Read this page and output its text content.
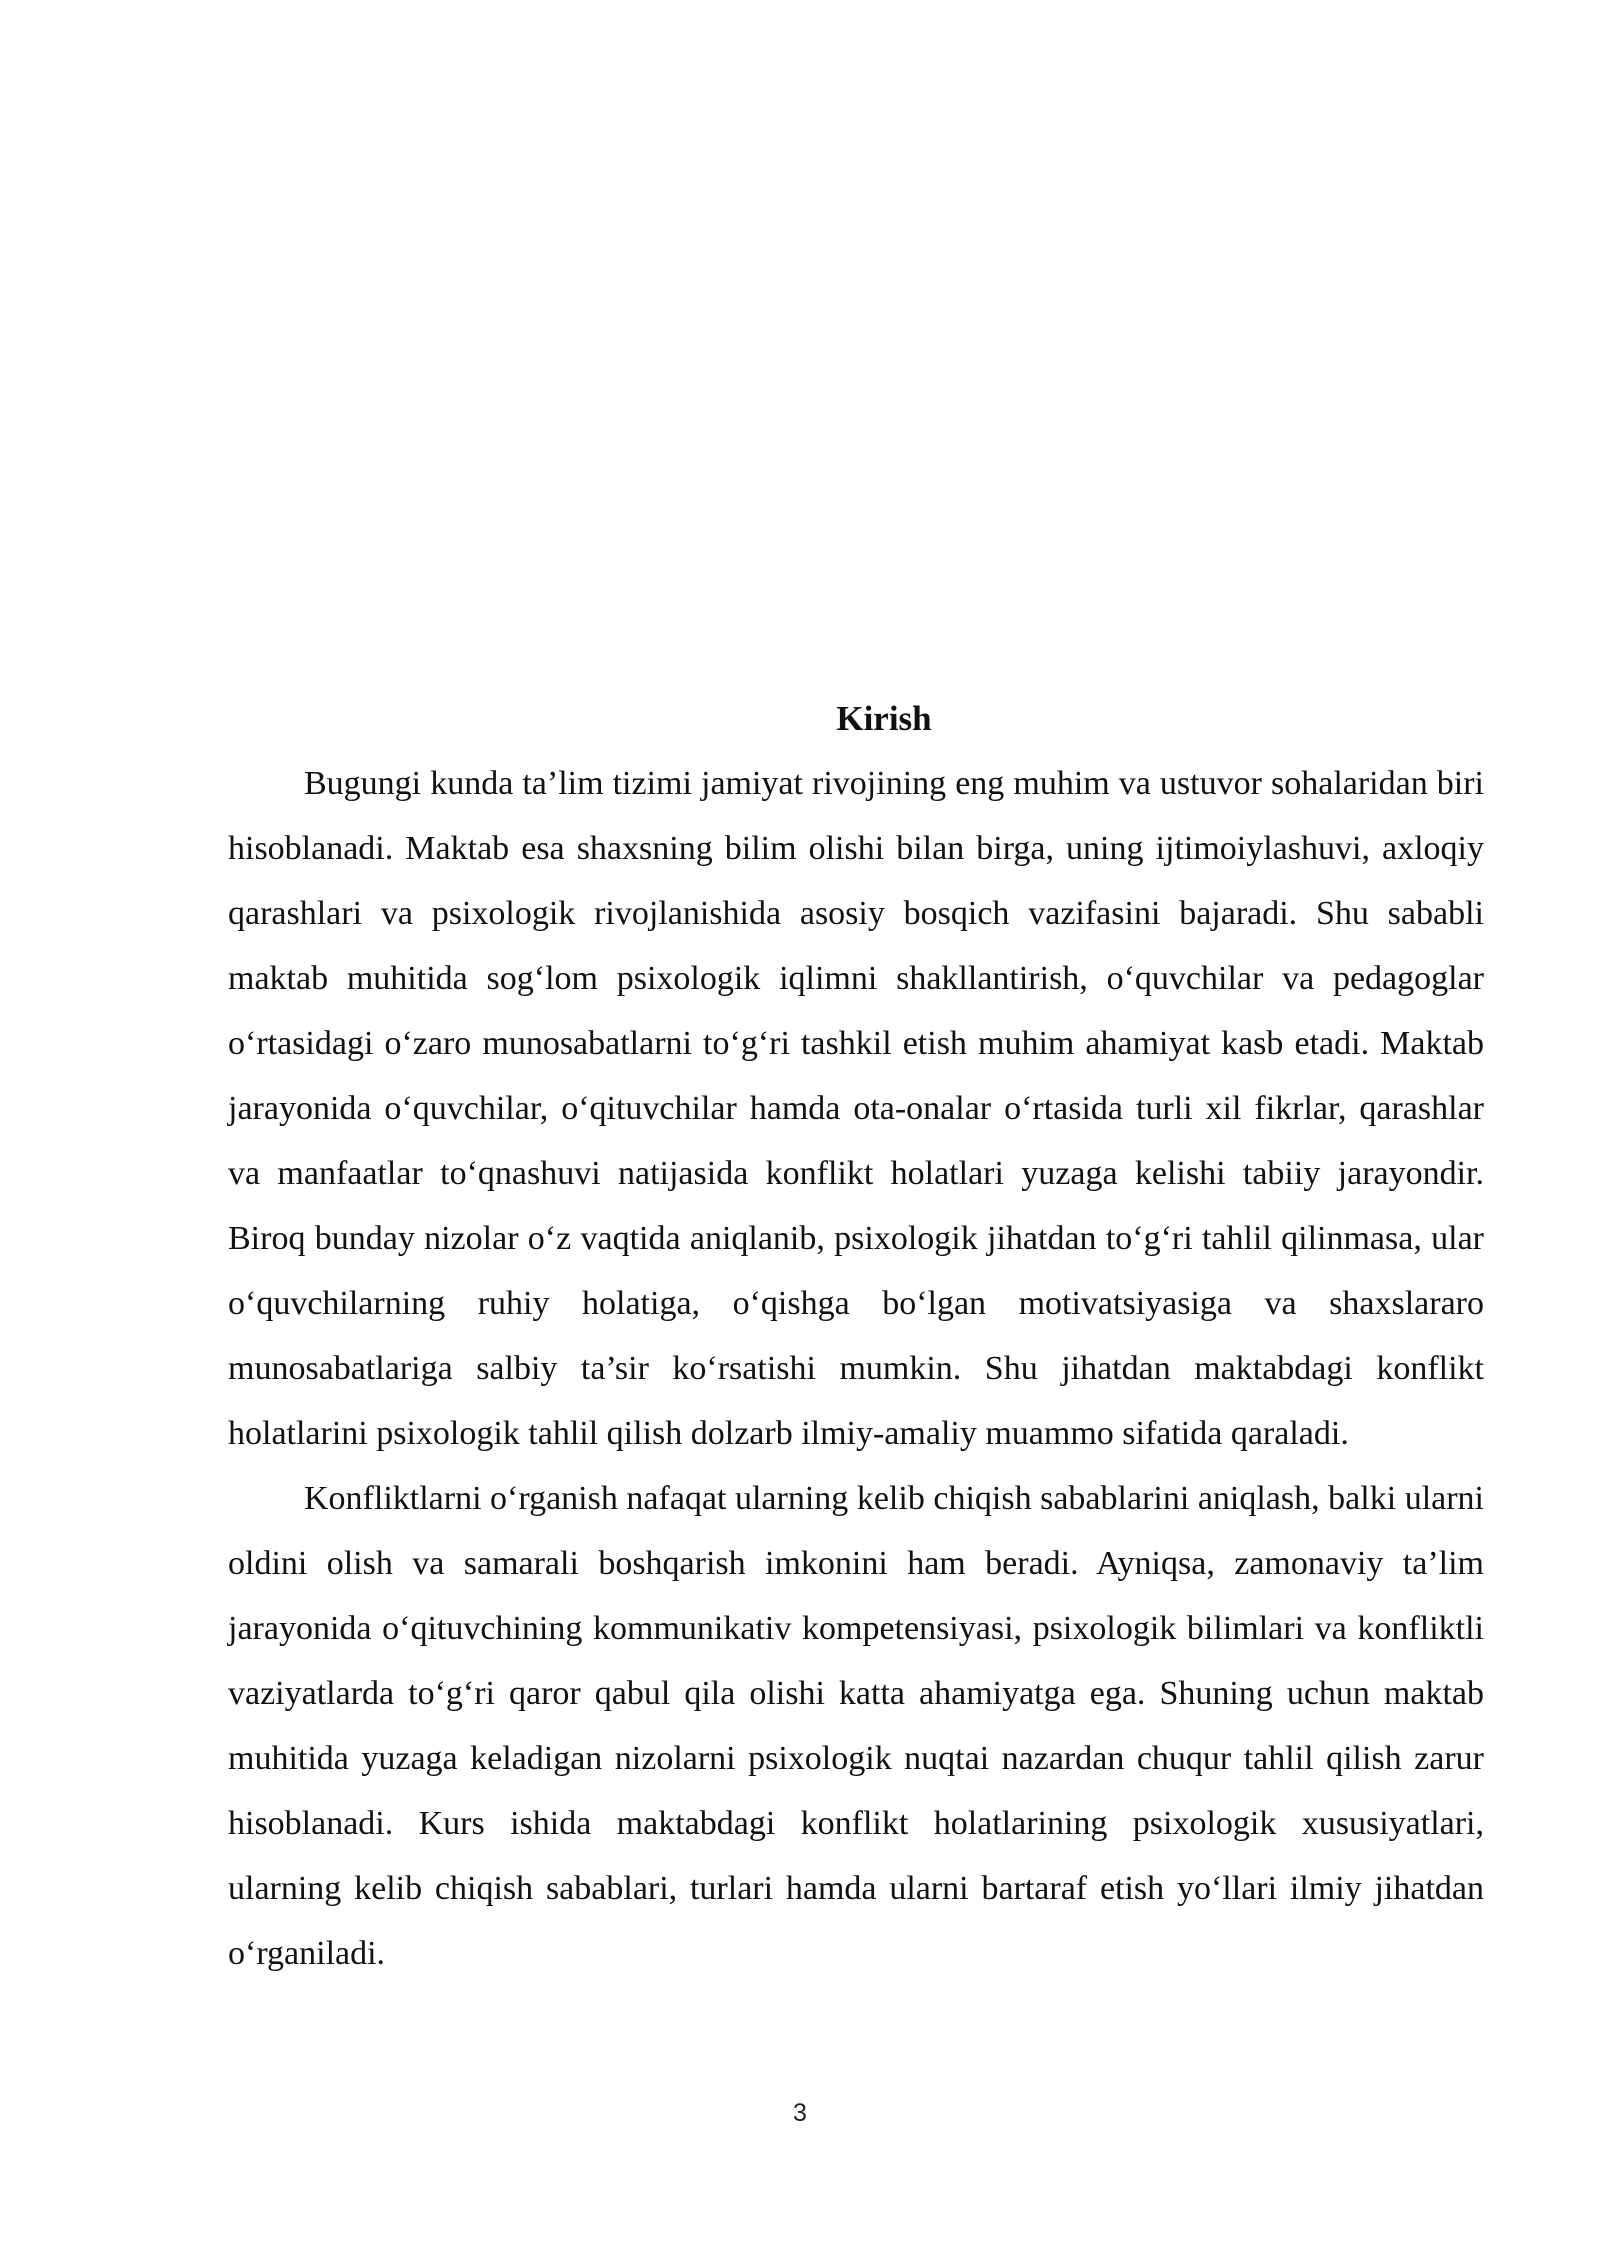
Kirish

Bugungi kunda ta’lim tizimi jamiyat rivojining eng muhim va ustuvor sohalaridan biri hisoblanadi. Maktab esa shaxsning bilim olishi bilan birga, uning ijtimoiylashuvi, axloqiy qarashlari va psixologik rivojlanishida asosiy bosqich vazifasini bajaradi. Shu sababli maktab muhitida sog‘lom psixologik iqlimni shakllantirish, o‘quvchilar va pedagoglar o‘rtasidagi o‘zaro munosabatlarni to‘g‘ri tashkil etish muhim ahamiyat kasb etadi. Maktab jarayonida o‘quvchilar, o‘qituvchilar hamda ota-onalar o‘rtasida turli xil fikrlar, qarashlar va manfaatlar to‘qnashuvi natijasida konflikt holatlari yuzaga kelishi tabiiy jarayondir. Biroq bunday nizolar o‘z vaqtida aniqlanib, psixologik jihatdan to‘g‘ri tahlil qilinmasa, ular o‘quvchilarning ruhiy holatiga, o‘qishga bo‘lgan motivatsiyasiga va shaxslararo munosabatlariga salbiy ta’sir ko‘rsatishi mumkin. Shu jihatdan maktabdagi konflikt holatlarini psixologik tahlil qilish dolzarb ilmiy-amaliy muammo sifatida qaraladi.

Konfliktlarni o‘rganish nafaqat ularning kelib chiqish sabablarini aniqlash, balki ularni oldini olish va samarali boshqarish imkonini ham beradi. Ayniqsa, zamonaviy ta’lim jarayonida o‘qituvchining kommunikativ kompetensiyasi, psixologik bilimlari va konfliktli vaziyatlarda to‘g‘ri qaror qabul qila olishi katta ahamiyatga ega. Shuning uchun maktab muhitida yuzaga keladigan nizolarni psixologik nuqtai nazardan chuqur tahlil qilish zarur hisoblanadi. Kurs ishida maktabdagi konflikt holatlarining psixologik xususiyatlari, ularning kelib chiqish sabablari, turlari hamda ularni bartaraf etish yo‘llari ilmiy jihatdan o‘rganiladi.

3
